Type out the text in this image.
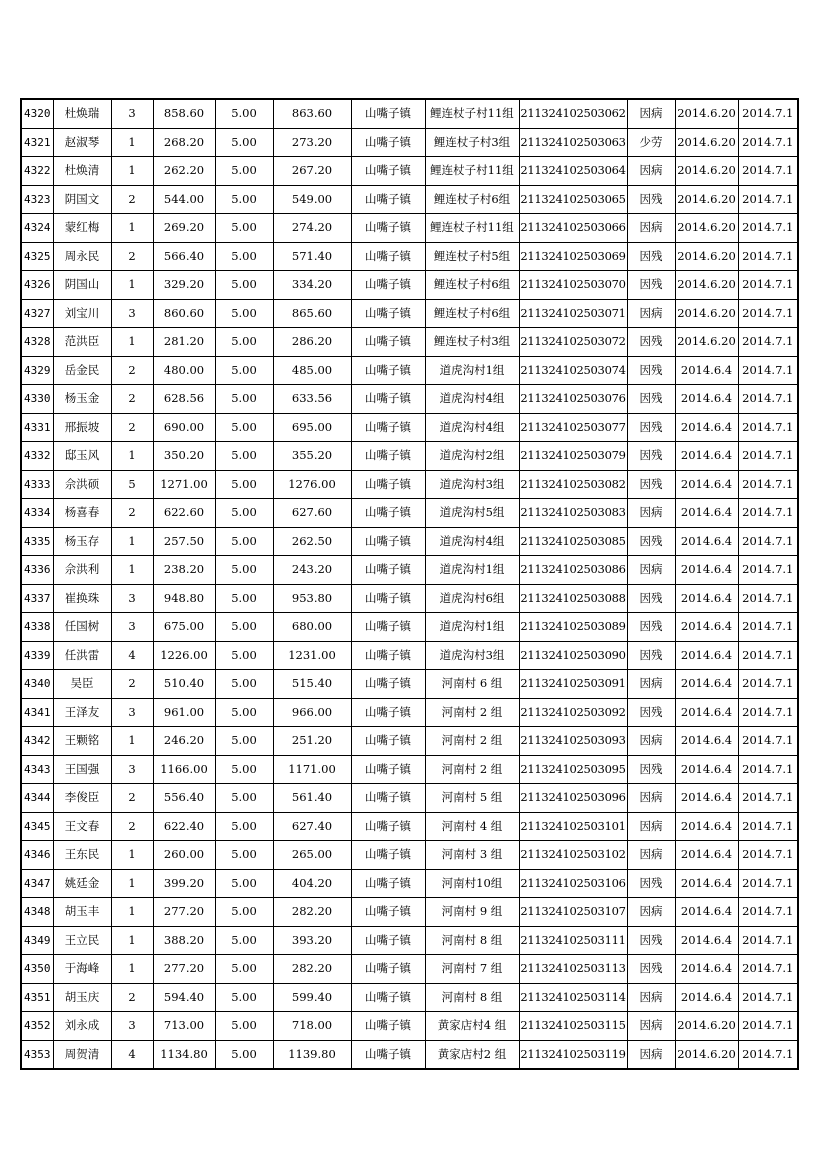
4320	杜焕瑞	3	858.60	5.00	863.60	山嘴子镇	鲤连杖子村11组	211324102503062	因病	2014.6.20	2014.7.1
4321	赵淑琴	1	268.20	5.00	273.20	山嘴子镇	鲤连杖子村3组	211324102503063	少劳	2014.6.20	2014.7.1
4322	杜焕清	1	262.20	5.00	267.20	山嘴子镇	鲤连杖子村11组	211324102503064	因病	2014.6.20	2014.7.1
4323	阴国文	2	544.00	5.00	549.00	山嘴子镇	鲤连杖子村6组	211324102503065	因残	2014.6.20	2014.7.1
4324	蒙红梅	1	269.20	5.00	274.20	山嘴子镇	鲤连杖子村11组	211324102503066	因病	2014.6.20	2014.7.1
4325	周永民	2	566.40	5.00	571.40	山嘴子镇	鲤连杖子村5组	211324102503069	因残	2014.6.20	2014.7.1
4326	阴国山	1	329.20	5.00	334.20	山嘴子镇	鲤连杖子村6组	211324102503070	因残	2014.6.20	2014.7.1
4327	刘宝川	3	860.60	5.00	865.60	山嘴子镇	鲤连杖子村6组	211324102503071	因病	2014.6.20	2014.7.1
4328	范洪臣	1	281.20	5.00	286.20	山嘴子镇	鲤连杖子村3组	211324102503072	因残	2014.6.20	2014.7.1
4329	岳金民	2	480.00	5.00	485.00	山嘴子镇	道虎沟村1组	211324102503074	因残	2014.6.4	2014.7.1
4330	杨玉金	2	628.56	5.00	633.56	山嘴子镇	道虎沟村4组	211324102503076	因残	2014.6.4	2014.7.1
4331	邢振坡	2	690.00	5.00	695.00	山嘴子镇	道虎沟村4组	211324102503077	因残	2014.6.4	2014.7.1
4332	邸玉风	1	350.20	5.00	355.20	山嘴子镇	道虎沟村2组	211324102503079	因残	2014.6.4	2014.7.1
4333	佘洪硕	5	1271.00	5.00	1276.00	山嘴子镇	道虎沟村3组	211324102503082	因残	2014.6.4	2014.7.1
4334	杨喜春	2	622.60	5.00	627.60	山嘴子镇	道虎沟村5组	211324102503083	因病	2014.6.4	2014.7.1
4335	杨玉存	1	257.50	5.00	262.50	山嘴子镇	道虎沟村4组	211324102503085	因残	2014.6.4	2014.7.1
4336	佘洪利	1	238.20	5.00	243.20	山嘴子镇	道虎沟村1组	211324102503086	因病	2014.6.4	2014.7.1
4337	崔换珠	3	948.80	5.00	953.80	山嘴子镇	道虎沟村6组	211324102503088	因残	2014.6.4	2014.7.1
4338	任国树	3	675.00	5.00	680.00	山嘴子镇	道虎沟村1组	211324102503089	因残	2014.6.4	2014.7.1
4339	任洪雷	4	1226.00	5.00	1231.00	山嘴子镇	道虎沟村3组	211324102503090	因残	2014.6.4	2014.7.1
4340	吴臣	2	510.40	5.00	515.40	山嘴子镇	河南村 6 组	211324102503091	因病	2014.6.4	2014.7.1
4341	王泽友	3	961.00	5.00	966.00	山嘴子镇	河南村 2 组	211324102503092	因残	2014.6.4	2014.7.1
4342	王颗铭	1	246.20	5.00	251.20	山嘴子镇	河南村 2 组	211324102503093	因病	2014.6.4	2014.7.1
4343	王国强	3	1166.00	5.00	1171.00	山嘴子镇	河南村 2 组	211324102503095	因残	2014.6.4	2014.7.1
4344	李俊臣	2	556.40	5.00	561.40	山嘴子镇	河南村 5 组	211324102503096	因病	2014.6.4	2014.7.1
4345	王文春	2	622.40	5.00	627.40	山嘴子镇	河南村 4 组	211324102503101	因病	2014.6.4	2014.7.1
4346	王东民	1	260.00	5.00	265.00	山嘴子镇	河南村 3 组	211324102503102	因病	2014.6.4	2014.7.1
4347	姚廷金	1	399.20	5.00	404.20	山嘴子镇	河南村10组	211324102503106	因残	2014.6.4	2014.7.1
4348	胡玉丰	1	277.20	5.00	282.20	山嘴子镇	河南村 9 组	211324102503107	因病	2014.6.4	2014.7.1
4349	王立民	1	388.20	5.00	393.20	山嘴子镇	河南村 8 组	211324102503111	因残	2014.6.4	2014.7.1
4350	于海峰	1	277.20	5.00	282.20	山嘴子镇	河南村 7 组	211324102503113	因残	2014.6.4	2014.7.1
4351	胡玉庆	2	594.40	5.00	599.40	山嘴子镇	河南村 8 组	211324102503114	因病	2014.6.4	2014.7.1
4352	刘永成	3	713.00	5.00	718.00	山嘴子镇	黄家店村4 组	211324102503115	因病	2014.6.20	2014.7.1
4353	周贺清	4	1134.80	5.00	1139.80	山嘴子镇	黄家店村2 组	211324102503119	因病	2014.6.20	2014.7.1
